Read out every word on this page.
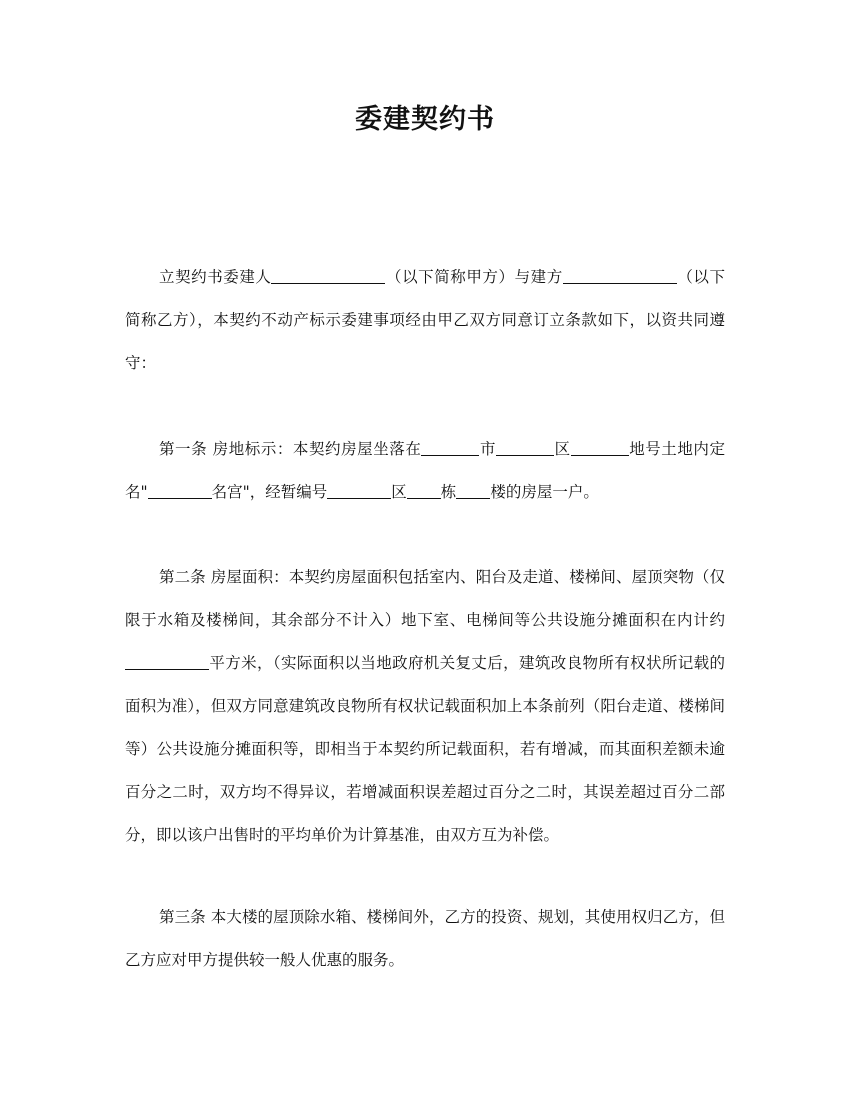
委建契约书

立契约书委建人	（以下简称甲方）与建方	（以下简称乙方），本契约不动产标示委建事项经由甲乙双方同意订立条款如下，以资共同遵守：

第一条 房地标示：本契约房屋坐落在	市	区	地号土地内定名"	名宫"，经暂编号	区 栋 楼的房屋一户。

第二条 房屋面积：本契约房屋面积包括室内、阳台及走道、楼梯间、屋顶突物（仅限于水箱及楼梯间，其余部分不计入）地下室、电梯间等公共设施分摊面积在内计约平方米，（实际面积以当地政府机关复丈后，建筑改良物所有权状所记载的面积为准），但双方同意建筑改良物所有权状记载面积加上本条前列（阳台走道、楼梯间等）公共设施分摊面积等，即相当于本契约所记载面积，若有增减，而其面积差额未逾百分之二时，双方均不得异议，若增减面积误差超过百分之二时，其误差超过百分二部分，即以该户出售时的平均单价为计算基准，由双方互为补偿。

第三条 本大楼的屋顶除水箱、楼梯间外，乙方的投资、规划，其使用权归乙方，但乙方应对甲方提供较一般人优惠的服务。
